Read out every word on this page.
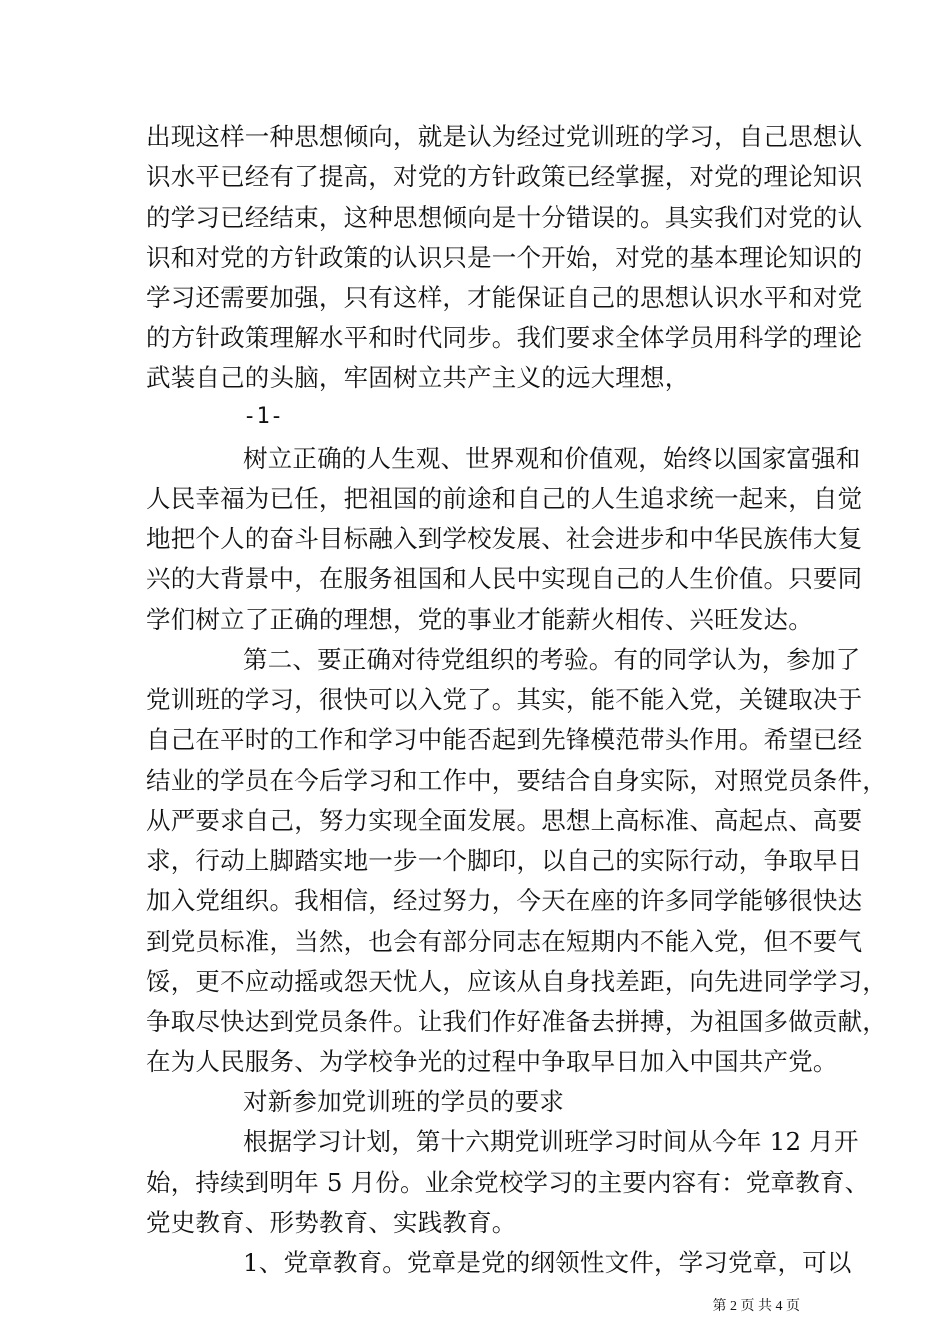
出现这样一种思想倾向，就是认为经过党训班的学习，自己思想认
识水平已经有了提高，对党的方针政策已经掌握，对党的理论知识
的学习已经结束，这种思想倾向是十分错误的。具实我们对党的认
识和对党的方针政策的认识只是一个开始，对党的基本理论知识的
学习还需要加强，只有这样，才能保证自己的思想认识水平和对党
的方针政策理解水平和时代同步。我们要求全体学员用科学的理论
武装自己的头脑，牢固树立共产主义的远大理想，
-1-
树立正确的人生观、世界观和价值观，始终以国家富强和
人民幸福为已任，把祖国的前途和自己的人生追求统一起来，自觉
地把个人的奋斗目标融入到学校发展、社会进步和中华民族伟大复
兴的大背景中，在服务祖国和人民中实现自己的人生价值。只要同
学们树立了正确的理想，党的事业才能薪火相传、兴旺发达。
第二、要正确对待党组织的考验。有的同学认为，参加了
党训班的学习，很快可以入党了。其实，能不能入党，关键取决于
自己在平时的工作和学习中能否起到先锋模范带头作用。希望已经
结业的学员在今后学习和工作中，要结合自身实际，对照党员条件，
从严要求自己，努力实现全面发展。思想上高标准、高起点、高要
求，行动上脚踏实地一步一个脚印，以自己的实际行动，争取早日
加入党组织。我相信，经过努力，今天在座的许多同学能够很快达
到党员标准，当然，也会有部分同志在短期内不能入党，但不要气
馁，更不应动摇或怨天忧人，应该从自身找差距，向先进同学学习，
争取尽快达到党员条件。让我们作好准备去拼搏，为祖国多做贡献，
在为人民服务、为学校争光的过程中争取早日加入中国共产党。
对新参加党训班的学员的要求
根据学习计划，第十六期党训班学习时间从今年 12 月开
始，持续到明年 5 月份。业余党校学习的主要内容有：党章教育、
党史教育、形势教育、实践教育。
1、党章教育。党章是党的纲领性文件，学习党章，可以
第 2 页 共 4 页
